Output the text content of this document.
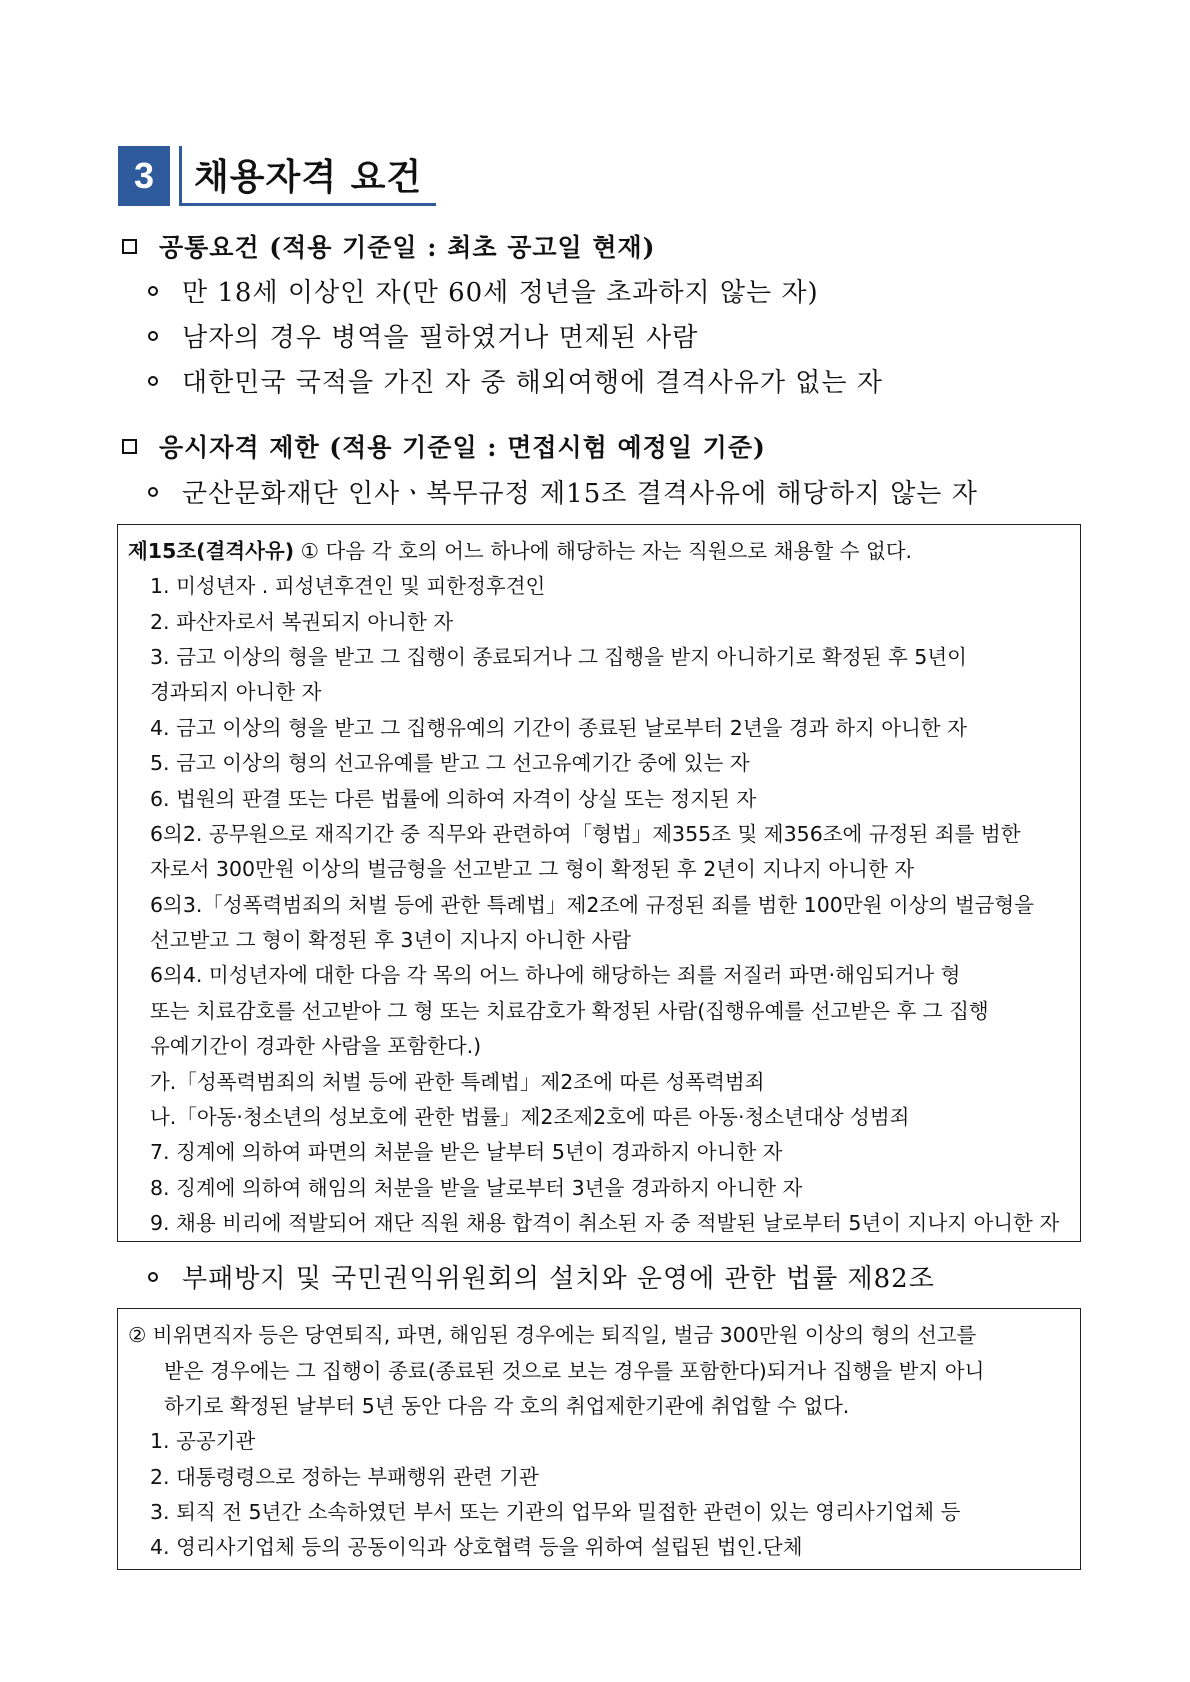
3	채용자격 요건
공통요건 (적용 기준일 : 최초 공고일 현재)
만 18세 이상인 자(만 60세 정년을 초과하지 않는 자)
남자의 경우 병역을 필하였거나 면제된 사람
대한민국 국적을 가진 자 중 해외여행에 결격사유가 없는 자
응시자격 제한 (적용 기준일 : 면접시험 예정일 기준)
군산문화재단 인사ㆍ복무규정 제15조 결격사유에 해당하지 않는 자
제15조(결격사유) ① 다음 각 호의 어느 하나에 해당하는 자는 직원으로 채용할 수 없다.
1. 미성년자 . 피성년후견인 및 피한정후견인
2. 파산자로서 복권되지 아니한 자
3. 금고 이상의 형을 받고 그 집행이 종료되거나 그 집행을 받지 아니하기로 확정된 후 5년이
경과되지 아니한 자
4. 금고 이상의 형을 받고 그 집행유예의 기간이 종료된 날로부터 2년을 경과 하지 아니한 자
5. 금고 이상의 형의 선고유예를 받고 그 선고유예기간 중에 있는 자
6. 법원의 판결 또는 다른 법률에 의하여 자격이 상실 또는 정지된 자
6의2. 공무원으로 재직기간 중 직무와 관련하여「형법」제355조 및 제356조에 규정된 죄를 범한
자로서 300만원 이상의 벌금형을 선고받고 그 형이 확정된 후 2년이 지나지 아니한 자
6의3.「성폭력범죄의 처벌 등에 관한 특례법」제2조에 규정된 죄를 범한 100만원 이상의 벌금형을
선고받고 그 형이 확정된 후 3년이 지나지 아니한 사람
6의4. 미성년자에 대한 다음 각 목의 어느 하나에 해당하는 죄를 저질러 파면·해임되거나 형
또는 치료감호를 선고받아 그 형 또는 치료감호가 확정된 사람(집행유예를 선고받은 후 그 집행
유예기간이 경과한 사람을 포함한다.)
가.「성폭력범죄의 처벌 등에 관한 특례법」제2조에 따른 성폭력범죄
나.「아동·청소년의 성보호에 관한 법률」제2조제2호에 따른 아동·청소년대상 성범죄
7. 징계에 의하여 파면의 처분을 받은 날부터 5년이 경과하지 아니한 자
8. 징계에 의하여 해임의 처분을 받을 날로부터 3년을 경과하지 아니한 자
9. 채용 비리에 적발되어 재단 직원 채용 합격이 취소된 자 중 적발된 날로부터 5년이 지나지 아니한 자
부패방지 및 국민권익위원회의 설치와 운영에 관한 법률 제82조
② 비위면직자 등은 당연퇴직, 파면, 해임된 경우에는 퇴직일, 벌금 300만원 이상의 형의 선고를
받은 경우에는 그 집행이 종료(종료된 것으로 보는 경우를 포함한다)되거나 집행을 받지 아니
하기로 확정된 날부터 5년 동안 다음 각 호의 취업제한기관에 취업할 수 없다.
1. 공공기관
2. 대통령령으로 정하는 부패행위 관련 기관
3. 퇴직 전 5년간 소속하였던 부서 또는 기관의 업무와 밀접한 관련이 있는 영리사기업체 등
4. 영리사기업체 등의 공동이익과 상호협력 등을 위하여 설립된 법인.단체
